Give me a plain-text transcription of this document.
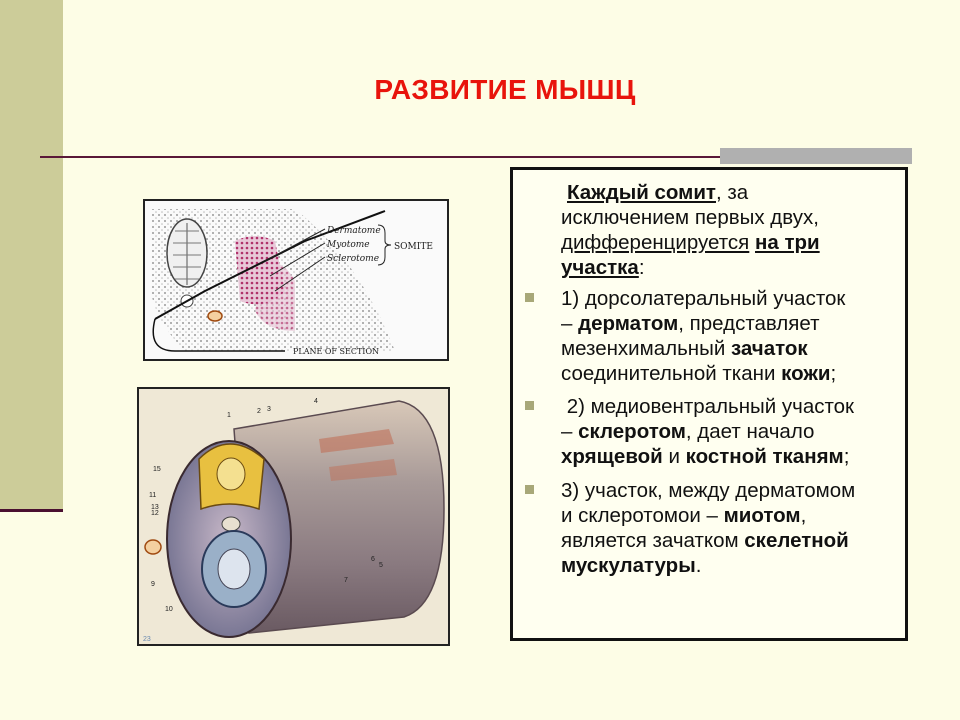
РАЗВИТИЕ МЫШЦ
Dermatome
Myotome
Sclerotome
SOMITE
PLANE OF SECTION
1
2 3
4
5
6
7
9
10
11
12
13
15
23
Каждый сомит, за
исключением первых двух,
дифференцируется на три участка:
1) дорсолатеральный участок
– дерматом, представляет
мезенхимальный зачаток
соединительной ткани кожи;
2) медиовентральный участок
– склеротом, дает начало
хрящевой и костной тканям;
3) участок, между дерматомом
и склеротомои – миотом,
является зачатком скелетной
мускулатуры.
